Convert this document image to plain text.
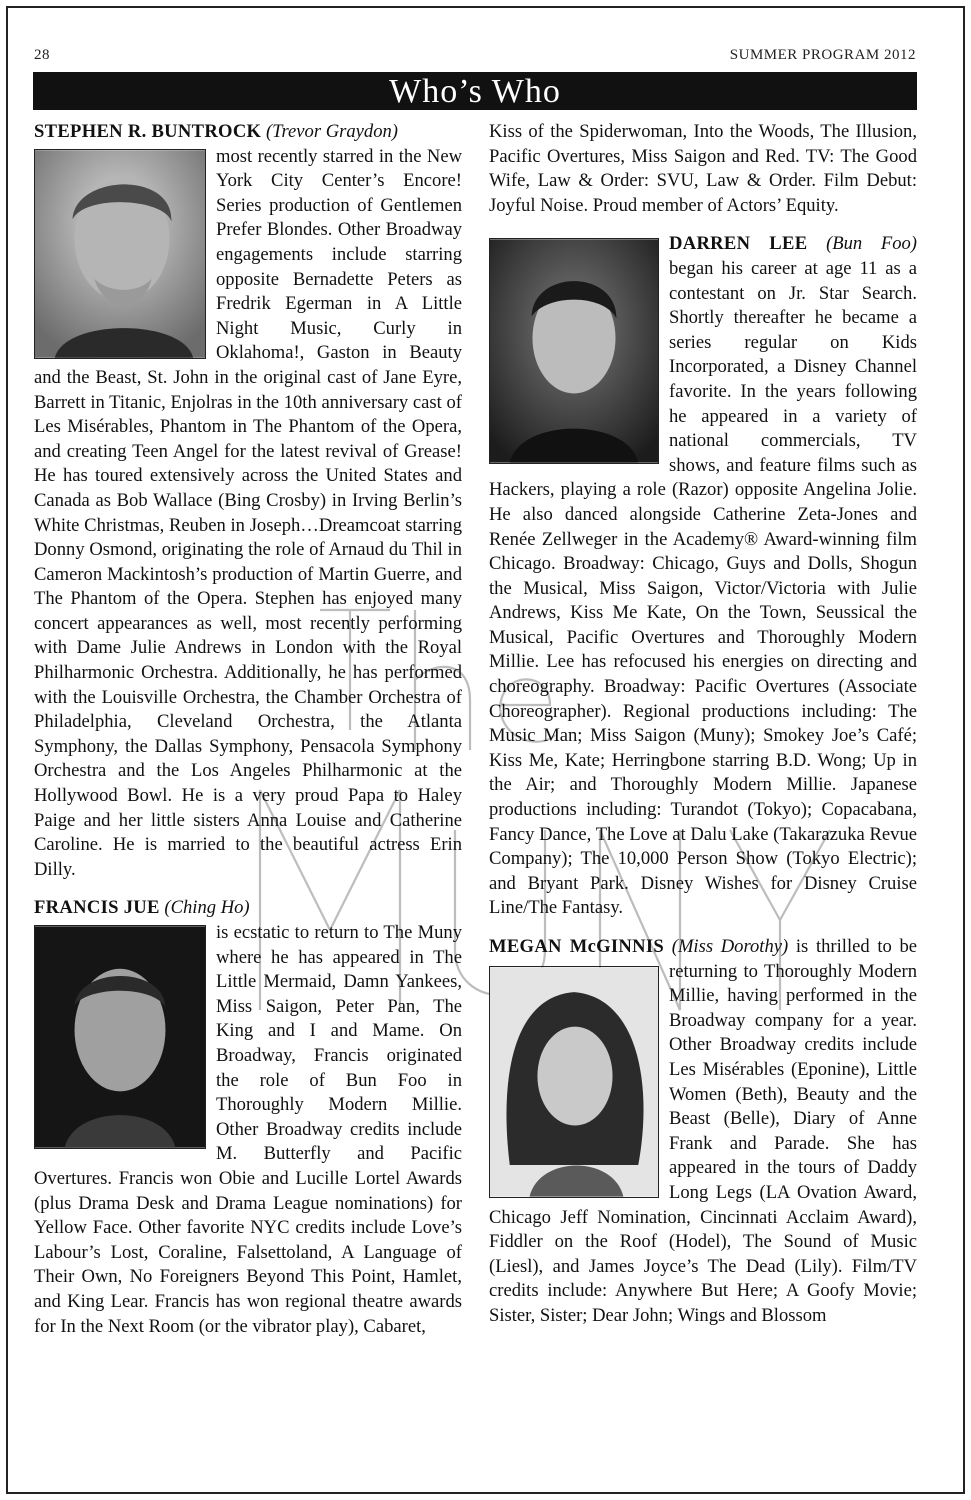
28	SUMMER PROGRAM 2012
Who’s Who
STEPHEN R. BUNTROCK (Trevor Graydon)

most recently starred in the New York City Center’s Encore! Series production of Gentlemen Prefer Blondes. Other Broadway engagements include starring opposite Bernadette Peters as Fredrik Egerman in A Little Night Music, Curly in Oklahoma!, Gaston in Beauty and the Beast, St. John in the original cast of Jane Eyre, Barrett in Titanic, Enjolras in the 10th anniversary cast of Les Misérables, Phantom in The Phantom of the Opera, and creating Teen Angel for the latest revival of Grease! He has toured extensively across the United States and Canada as Bob Wallace (Bing Crosby) in Irving Berlin’s White Christmas, Reuben in Joseph…Dreamcoat starring Donny Osmond, originating the role of Arnaud du Thil in Cameron Mackintosh’s production of Martin Guerre, and The Phantom of the Opera. Stephen has enjoyed many concert appearances as well, most recently performing with Dame Julie Andrews in London with the Royal Philharmonic Orchestra. Additionally, he has performed with the Louisville Orchestra, the Chamber Orchestra of Philadelphia, Cleveland Orchestra, the Atlanta Symphony, the Dallas Symphony, Pensacola Symphony Orchestra and the Los Angeles Philharmonic at the Hollywood Bowl. He is a very proud Papa to Haley Paige and her little sisters Anna Louise and Catherine Caroline. He is married to the beautiful actress Erin Dilly.

FRANCIS JUE (Ching Ho)

is ecstatic to return to The Muny where he has appeared in The Little Mermaid, Damn Yankees, Miss Saigon, Peter Pan, The King and I and Mame. On Broadway, Francis originated the role of Bun Foo in Thoroughly Modern Millie. Other Broadway credits include M. Butterfly and Pacific Overtures. Francis won Obie and Lucille Lortel Awards (plus Drama Desk and Drama League nominations) for Yellow Face. Other favorite NYC credits include Love’s Labour’s Lost, Coraline, Falsettoland, A Language of Their Own, No Foreigners Beyond This Point, Hamlet, and King Lear. Francis has won regional theatre awards for In the Next Room (or the vibrator play), Cabaret,

Kiss of the Spiderwoman, Into the Woods, The Illusion, Pacific Overtures, Miss Saigon and Red. TV: The Good Wife, Law & Order: SVU, Law & Order. Film Debut: Joyful Noise. Proud member of Actors’ Equity.

DARREN LEE (Bun Foo)

began his career at age 11 as a contestant on Jr. Star Search. Shortly thereafter he became a series regular on Kids Incorporated, a Disney Channel favorite. In the years following he appeared in a variety of national commercials, TV shows, and feature films such as Hackers, playing a role (Razor) opposite Angelina Jolie. He also danced alongside Catherine Zeta-Jones and Renée Zellweger in the Academy® Award-winning film Chicago. Broadway: Chicago, Guys and Dolls, Shogun the Musical, Miss Saigon, Victor/Victoria with Julie Andrews, Kiss Me Kate, On the Town, Seussical the Musical, Pacific Overtures and Thoroughly Modern Millie. Lee has refocused his energies on directing and choreography. Broadway: Pacific Overtures (Associate Choreographer). Regional productions including: The Music Man; Miss Saigon (Muny); Smokey Joe’s Café; Kiss Me, Kate; Herringbone starring B.D. Wong; Up in the Air; and Thoroughly Modern Millie. Japanese productions including: Turandot (Tokyo); Copacabana, Fancy Dance, The Love at Dalu Lake (Takarazuka Revue Company); The 10,000 Person Show (Tokyo Electric); and Bryant Park. Disney Wishes for Disney Cruise Line/The Fantasy.

MEGAN McGINNIS (Miss Dorothy) is thrilled to be returning to Thoroughly Modern Millie, having performed in the Broadway company for a year. Other Broadway credits include Les Misérables (Eponine), Little Women (Beth), Beauty and the Beast (Belle), Diary of Anne Frank and Parade. She has appeared in the tours of Daddy Long Legs (LA Ovation Award, Chicago Jeff Nomination, Cincinnati Acclaim Award), Fiddler on the Roof (Hodel), The Sound of Music (Liesl), and James Joyce’s The Dead (Lily). Film/TV credits include: Anywhere But Here; A Goofy Movie; Sister, Sister; Dear John; Wings and Blossom
